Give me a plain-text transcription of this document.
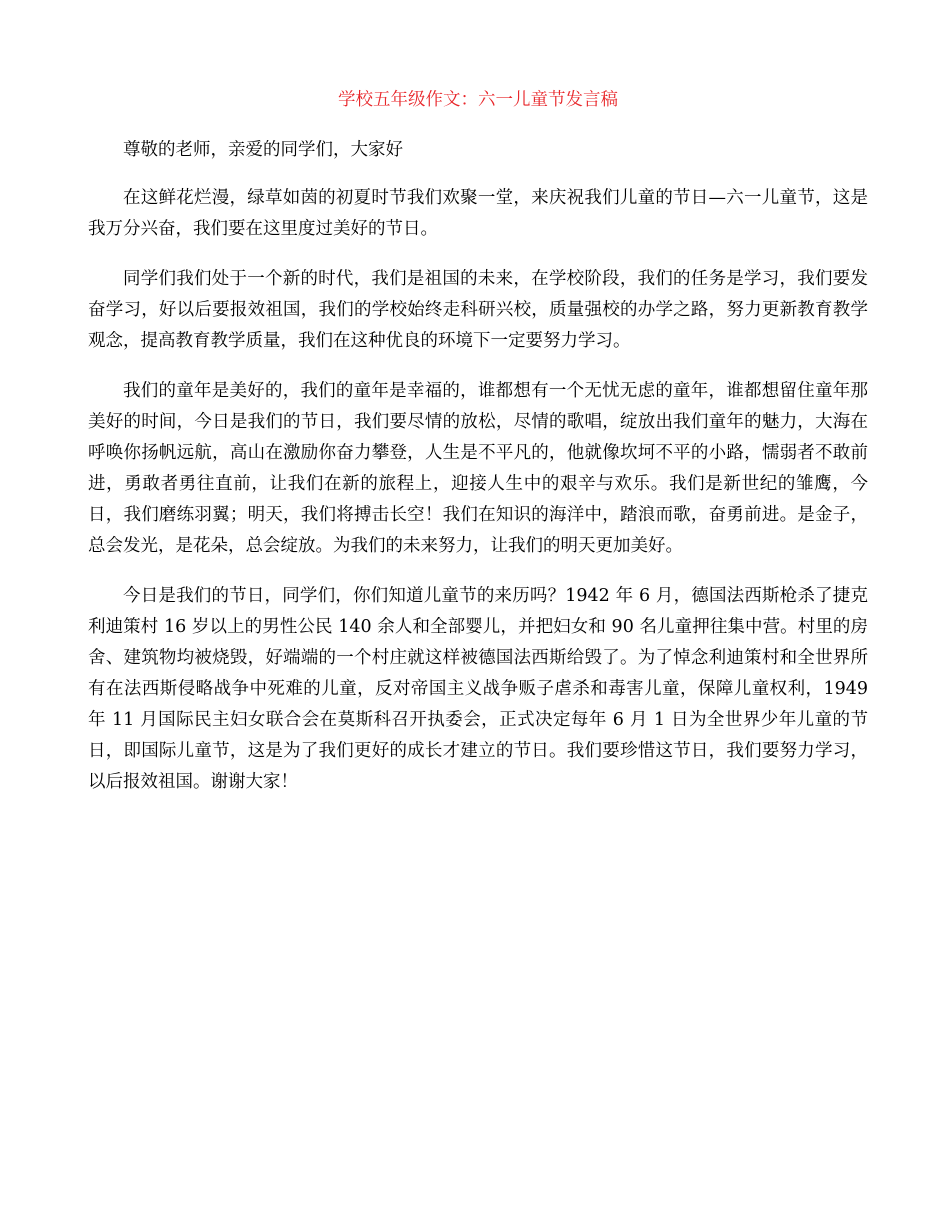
学校五年级作文：六一儿童节发言稿

尊敬的老师，亲爱的同学们，大家好

在这鲜花烂漫，绿草如茵的初夏时节我们欢聚一堂，来庆祝我们儿童的节日—六一儿童节，这是我万分兴奋，我们要在这里度过美好的节日。

同学们我们处于一个新的时代，我们是祖国的未来，在学校阶段，我们的任务是学习，我们要发奋学习，好以后要报效祖国，我们的学校始终走科研兴校，质量强校的办学之路，努力更新教育教学观念，提高教育教学质量，我们在这种优良的环境下一定要努力学习。

我们的童年是美好的，我们的童年是幸福的，谁都想有一个无忧无虑的童年，谁都想留住童年那美好的时间，今日是我们的节日，我们要尽情的放松，尽情的歌唱，绽放出我们童年的魅力，大海在呼唤你扬帆远航，高山在激励你奋力攀登，人生是不平凡的，他就像坎坷不平的小路，懦弱者不敢前进，勇敢者勇往直前，让我们在新的旅程上，迎接人生中的艰辛与欢乐。我们是新世纪的雏鹰，今日，我们磨练羽翼；明天，我们将搏击长空！我们在知识的海洋中，踏浪而歌，奋勇前进。是金子，总会发光，是花朵，总会绽放。为我们的未来努力，让我们的明天更加美好。

今日是我们的节日，同学们，你们知道儿童节的来历吗？1942 年 6 月，德国法西斯枪杀了捷克利迪策村 16 岁以上的男性公民 140 余人和全部婴儿，并把妇女和 90 名儿童押往集中营。村里的房舍、建筑物均被烧毁，好端端的一个村庄就这样被德国法西斯给毁了。为了悼念利迪策村和全世界所有在法西斯侵略战争中死难的儿童，反对帝国主义战争贩子虐杀和毒害儿童，保障儿童权利，1949 年 11 月国际民主妇女联合会在莫斯科召开执委会，正式决定每年 6 月 1 日为全世界少年儿童的节日，即国际儿童节，这是为了我们更好的成长才建立的节日。我们要珍惜这节日，我们要努力学习，以后报效祖国。谢谢大家！
